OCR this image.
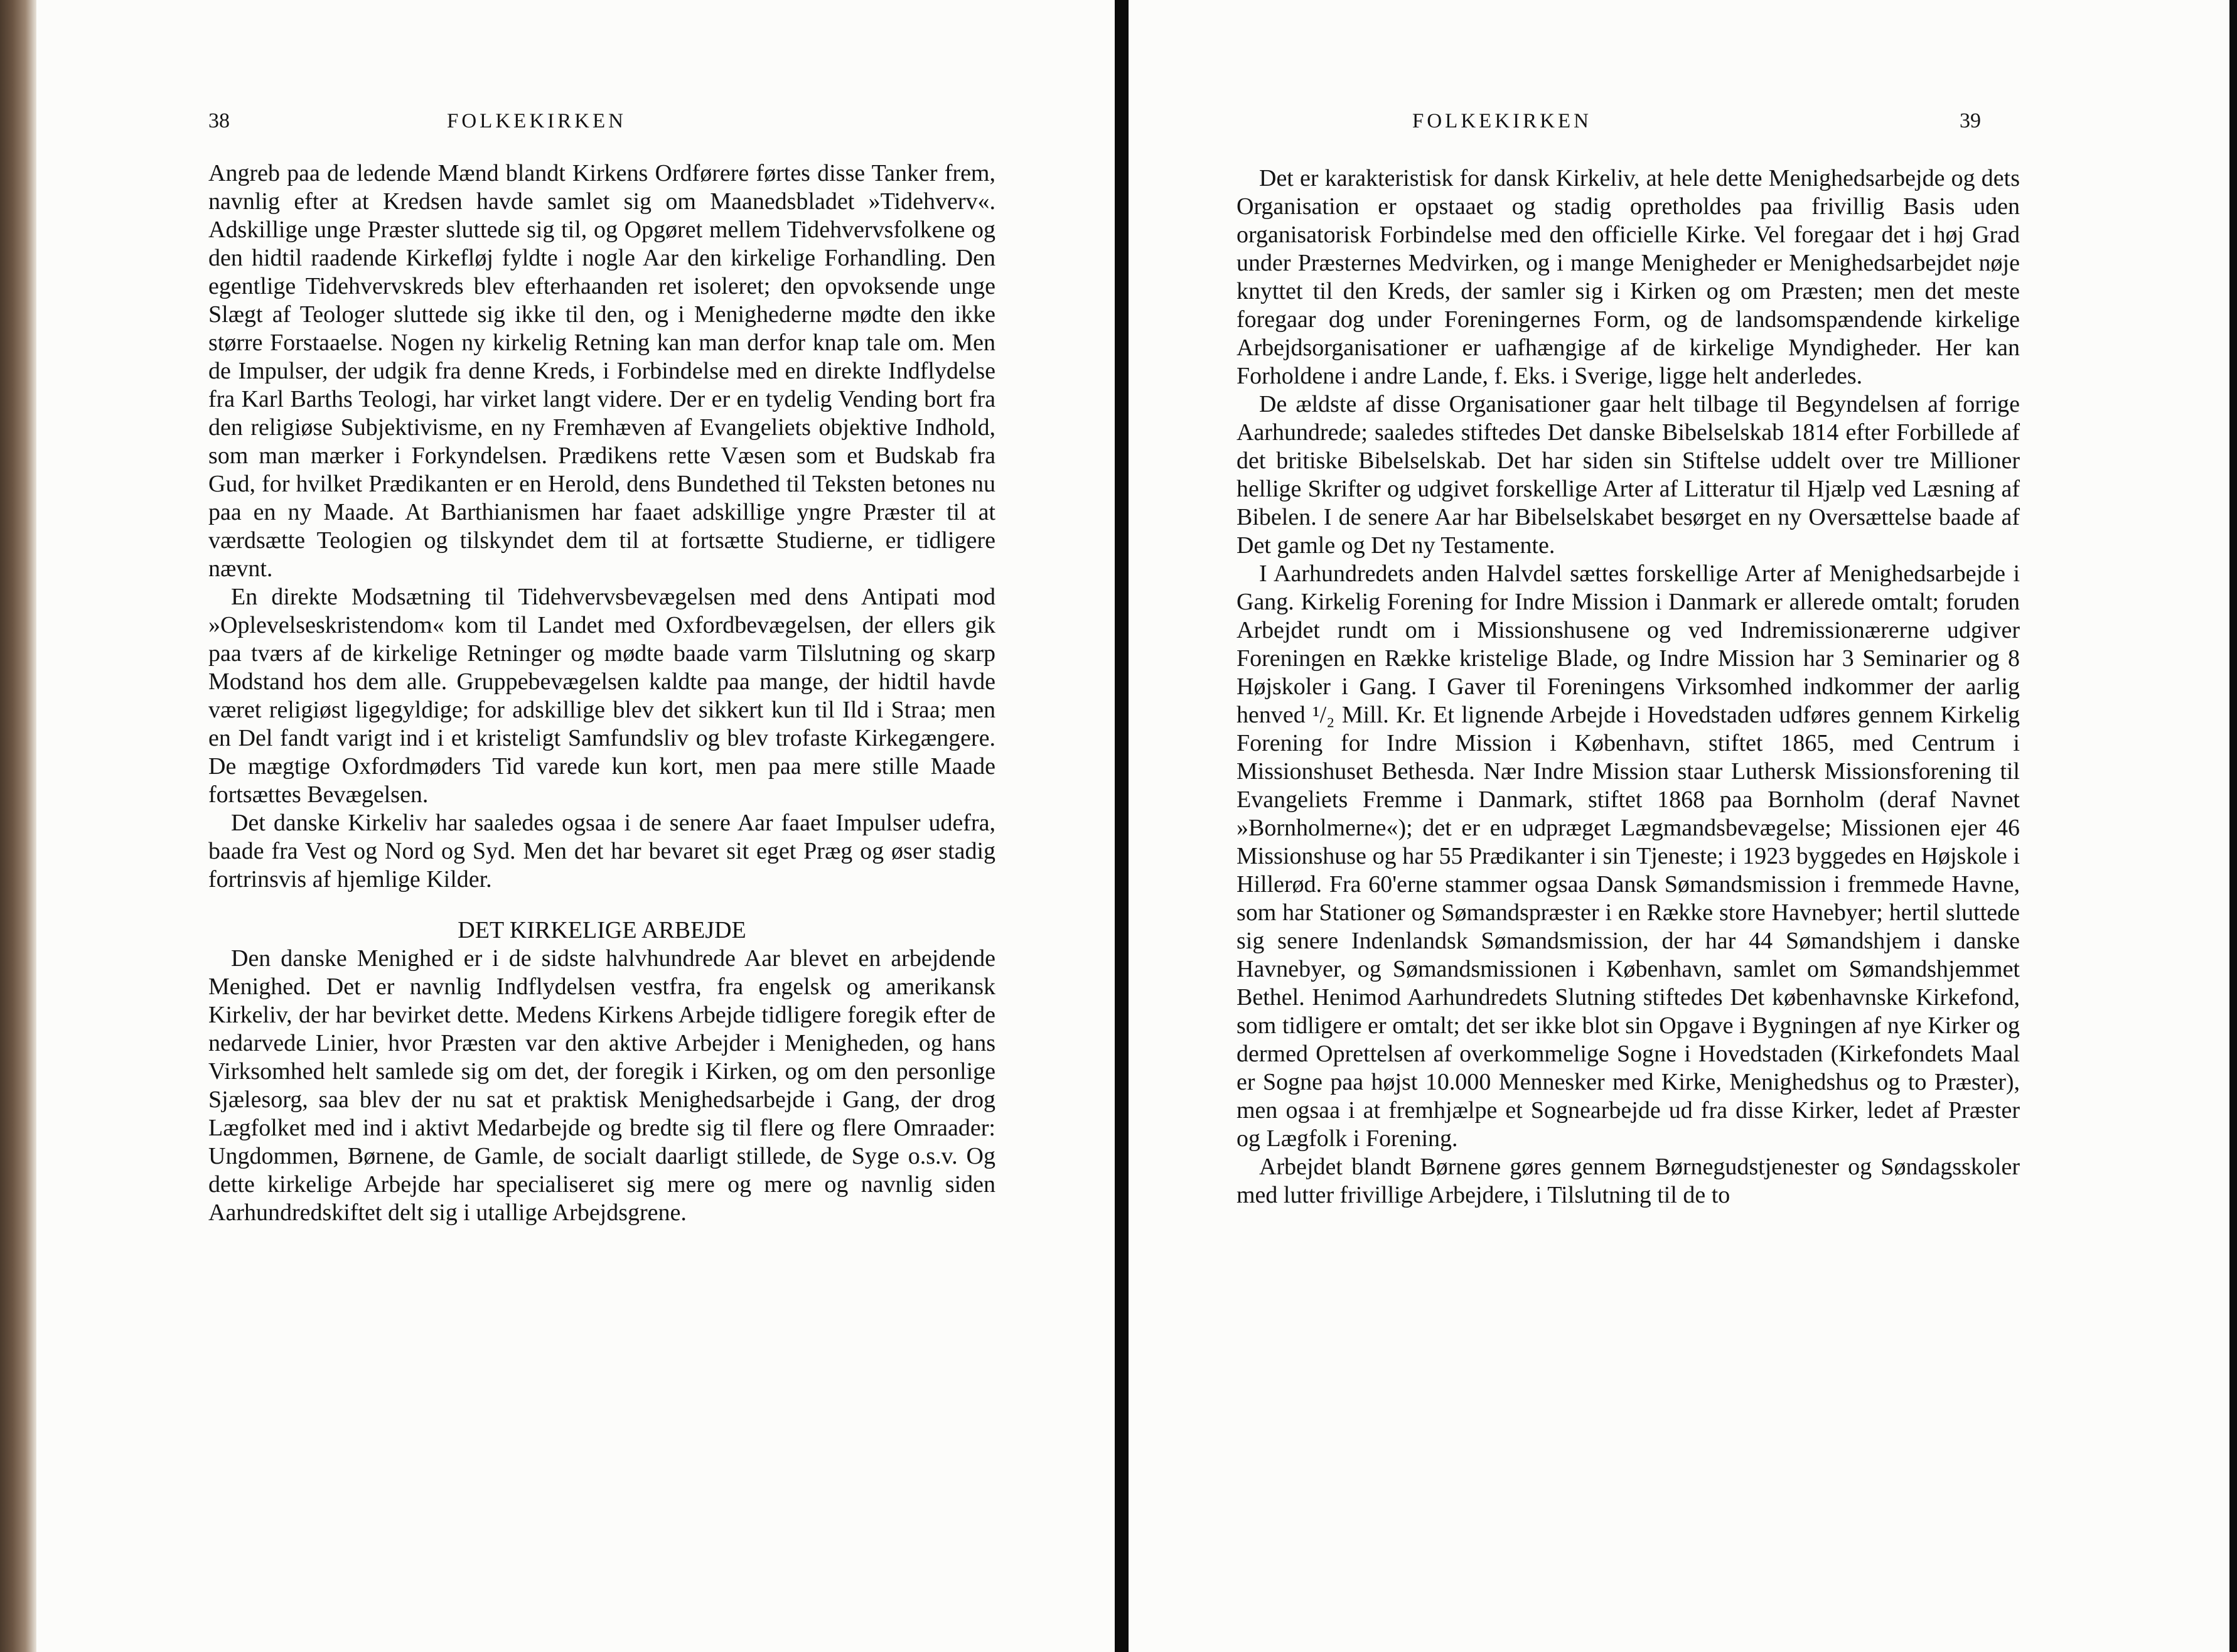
38	FOLKEKIRKEN

Angreb paa de ledende Mænd blandt Kirkens Ordførere førtes disse Tanker frem, navnlig efter at Kredsen havde samlet sig om Maanedsbladet »Tidehverv«. Adskillige unge Præster sluttede sig til, og Opgøret mellem Tidehvervsfolkene og den hidtil raadende Kirkefløj fyldte i nogle Aar den kirkelige Forhandling. Den egentlige Tidehvervskreds blev efterhaanden ret isoleret; den opvoksende unge Slægt af Teologer sluttede sig ikke til den, og i Menighederne mødte den ikke større Forstaaelse. Nogen ny kirkelig Retning kan man derfor knap tale om. Men de Impulser, der udgik fra denne Kreds, i Forbindelse med en direkte Indflydelse fra Karl Barths Teologi, har virket langt videre. Der er en tydelig Vending bort fra den religiøse Subjektivisme, en ny Fremhæven af Evangeliets objektive Indhold, som man mærker i Forkyndelsen. Prædikens rette Væsen som et Budskab fra Gud, for hvilket Prædikanten er en Herold, dens Bundethed til Teksten betones nu paa en ny Maade. At Barthianismen har faaet adskillige yngre Præster til at værdsætte Teologien og tilskyndet dem til at fortsætte Studierne, er tidligere nævnt.

En direkte Modsætning til Tidehvervsbevægelsen med dens Antipati mod »Oplevelseskristendom« kom til Landet med Oxfordbevægelsen, der ellers gik paa tværs af de kirkelige Retninger og mødte baade varm Tilslutning og skarp Modstand hos dem alle. Gruppebevægelsen kaldte paa mange, der hidtil havde været religiøst ligegyldige; for adskillige blev det sikkert kun til Ild i Straa; men en Del fandt varigt ind i et kristeligt Samfundsliv og blev trofaste Kirkegængere. De mægtige Oxfordmøders Tid varede kun kort, men paa mere stille Maade fortsættes Bevægelsen.

Det danske Kirkeliv har saaledes ogsaa i de senere Aar faaet Impulser udefra, baade fra Vest og Nord og Syd. Men det har bevaret sit eget Præg og øser stadig fortrinsvis af hjemlige Kilder.

DET KIRKELIGE ARBEJDE

Den danske Menighed er i de sidste halvhundrede Aar blevet en arbejdende Menighed. Det er navnlig Indflydelsen vestfra, fra engelsk og amerikansk Kirkeliv, der har bevirket dette. Medens Kirkens Arbejde tidligere foregik efter de nedarvede Linier, hvor Præsten var den aktive Arbejder i Menigheden, og hans Virksomhed helt samlede sig om det, der foregik i Kirken, og om den personlige Sjælesorg, saa blev der nu sat et praktisk Menighedsarbejde i Gang, der drog Lægfolket med ind i aktivt Medarbejde og bredte sig til flere og flere Omraader: Ungdommen, Børnene, de Gamle, de socialt daarligt stillede, de Syge o.s.v. Og dette kirkelige Arbejde har specialiseret sig mere og mere og navnlig siden Aarhundredskiftet delt sig i utallige Arbejdsgrene.

FOLKEKIRKEN	39

Det er karakteristisk for dansk Kirkeliv, at hele dette Menighedsarbejde og dets Organisation er opstaaet og stadig opretholdes paa frivillig Basis uden organisatorisk Forbindelse med den officielle Kirke. Vel foregaar det i høj Grad under Præsternes Medvirken, og i mange Menigheder er Menighedsarbejdet nøje knyttet til den Kreds, der samler sig i Kirken og om Præsten; men det meste foregaar dog under Foreningernes Form, og de landsomspændende kirkelige Arbejdsorganisationer er uafhængige af de kirkelige Myndigheder. Her kan Forholdene i andre Lande, f. Eks. i Sverige, ligge helt anderledes.

De ældste af disse Organisationer gaar helt tilbage til Begyndelsen af forrige Aarhundrede; saaledes stiftedes Det danske Bibelselskab 1814 efter Forbillede af det britiske Bibelselskab. Det har siden sin Stiftelse uddelt over tre Millioner hellige Skrifter og udgivet forskellige Arter af Litteratur til Hjælp ved Læsning af Bibelen. I de senere Aar har Bibelselskabet besørget en ny Oversættelse baade af Det gamle og Det ny Testamente.

I Aarhundredets anden Halvdel sættes forskellige Arter af Menighedsarbejde i Gang. Kirkelig Forening for Indre Mission i Danmark er allerede omtalt; foruden Arbejdet rundt om i Missionshusene og ved Indremissionærerne udgiver Foreningen en Række kristelige Blade, og Indre Mission har 3 Seminarier og 8 Højskoler i Gang. I Gaver til Foreningens Virksomhed indkommer der aarlig henved ¹/₂ Mill. Kr. Et lignende Arbejde i Hovedstaden udføres gennem Kirkelig Forening for Indre Mission i København, stiftet 1865, med Centrum i Missionshuset Bethesda. Nær Indre Mission staar Luthersk Missionsforening til Evangeliets Fremme i Danmark, stiftet 1868 paa Bornholm (deraf Navnet »Bornholmerne«); det er en udpræget Lægmandsbevægelse; Missionen ejer 46 Missionshuse og har 55 Prædikanter i sin Tjeneste; i 1923 byggedes en Højskole i Hillerød. Fra 60'erne stammer ogsaa Dansk Sømandsmission i fremmede Havne, som har Stationer og Sømandspræster i en Række store Havnebyer; hertil sluttede sig senere Indenlandsk Sømandsmission, der har 44 Sømandshjem i danske Havnebyer, og Sømandsmissionen i København, samlet om Sømandshjemmet Bethel. Henimod Aarhundredets Slutning stiftedes Det københavnske Kirkefond, som tidligere er omtalt; det ser ikke blot sin Opgave i Bygningen af nye Kirker og dermed Oprettelsen af overkommelige Sogne i Hovedstaden (Kirkefondets Maal er Sogne paa højst 10.000 Mennesker med Kirke, Menighedshus og to Præster), men ogsaa i at fremhjælpe et Sognearbejde ud fra disse Kirker, ledet af Præster og Lægfolk i Forening.

Arbejdet blandt Børnene gøres gennem Børnegudstjenester og Søndagsskoler med lutter frivillige Arbejdere, i Tilslutning til de to
